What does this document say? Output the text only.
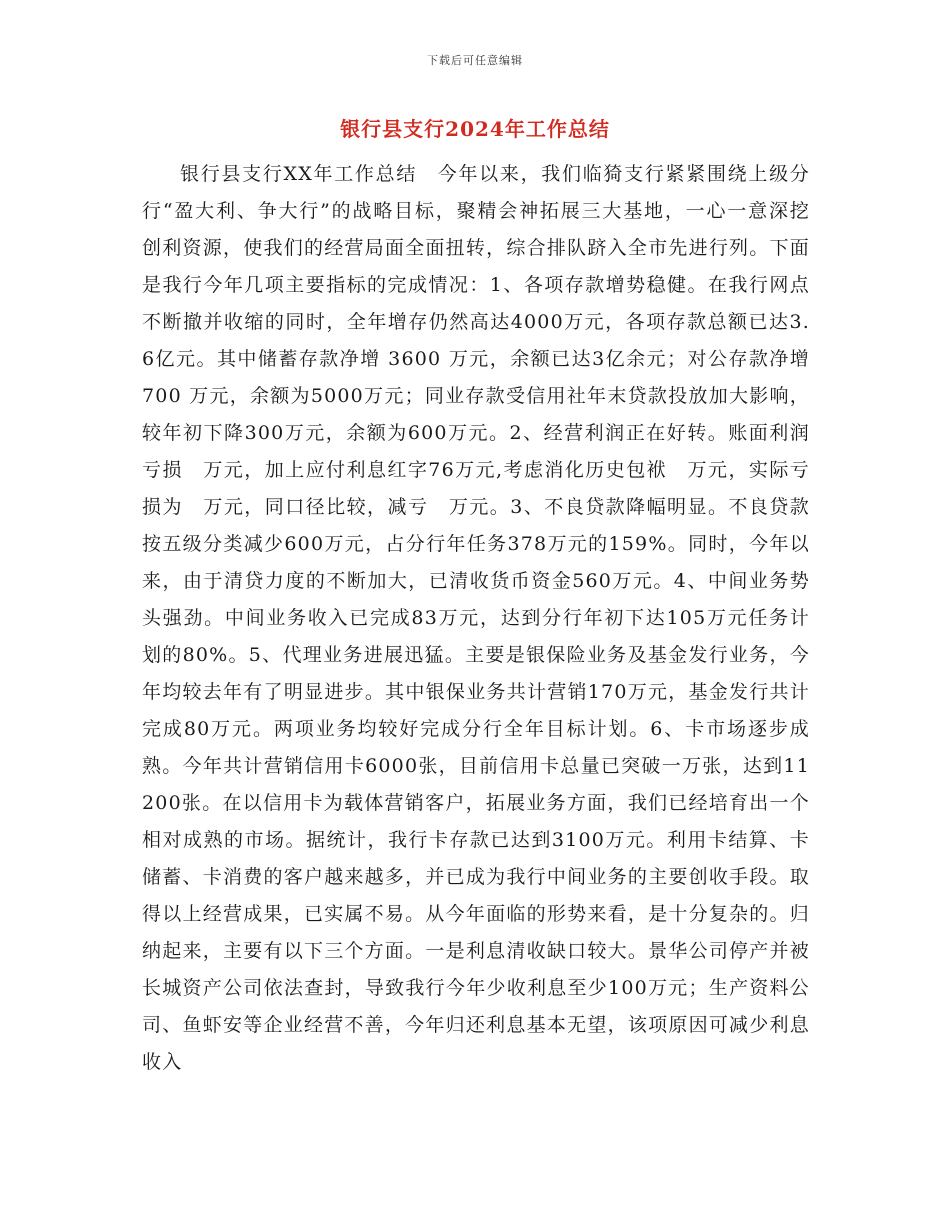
下载后可任意编辑
银行县支行2024年工作总结

银行县支行XX年工作总结　今年以来，我们临猗支行紧紧围绕上级分行“盈大利、争大行”的战略目标，聚精会神拓展三大基地，一心一意深挖创利资源，使我们的经营局面全面扭转，综合排队跻入全市先进行列。下面是我行今年几项主要指标的完成情况：1、各项存款增势稳健。在我行网点不断撤并收缩的同时，全年增存仍然高达4000万元，各项存款总额已达3.6亿元。其中储蓄存款净增 3600 万元，余额已达3亿余元；对公存款净增 700 万元，余额为5000万元；同业存款受信用社年末贷款投放加大影响，较年初下降300万元，余额为600万元。2、经营利润正在好转。账面利润亏损　万元，加上应付利息红字76万元,考虑消化历史包袱　万元，实际亏损为　万元，同口径比较，减亏　万元。3、不良贷款降幅明显。不良贷款按五级分类减少600万元，占分行年任务378万元的159%。同时，今年以来，由于清贷力度的不断加大，已清收货币资金560万元。4、中间业务势头强劲。中间业务收入已完成83万元，达到分行年初下达105万元任务计划的80%。5、代理业务进展迅猛。主要是银保险业务及基金发行业务，今年均较去年有了明显进步。其中银保业务共计营销170万元，基金发行共计完成80万元。两项业务均较好完成分行全年目标计划。6、卡市场逐步成熟。今年共计营销信用卡6000张，目前信用卡总量已突破一万张，达到11200张。在以信用卡为载体营销客户，拓展业务方面，我们已经培育出一个相对成熟的市场。据统计，我行卡存款已达到3100万元。利用卡结算、卡储蓄、卡消费的客户越来越多，并已成为我行中间业务的主要创收手段。取得以上经营成果，已实属不易。从今年面临的形势来看，是十分复杂的。归纳起来，主要有以下三个方面。一是利息清收缺口较大。景华公司停产并被长城资产公司依法查封，导致我行今年少收利息至少100万元；生产资料公司、鱼虾安等企业经营不善，今年归还利息基本无望，该项原因可减少利息收入
